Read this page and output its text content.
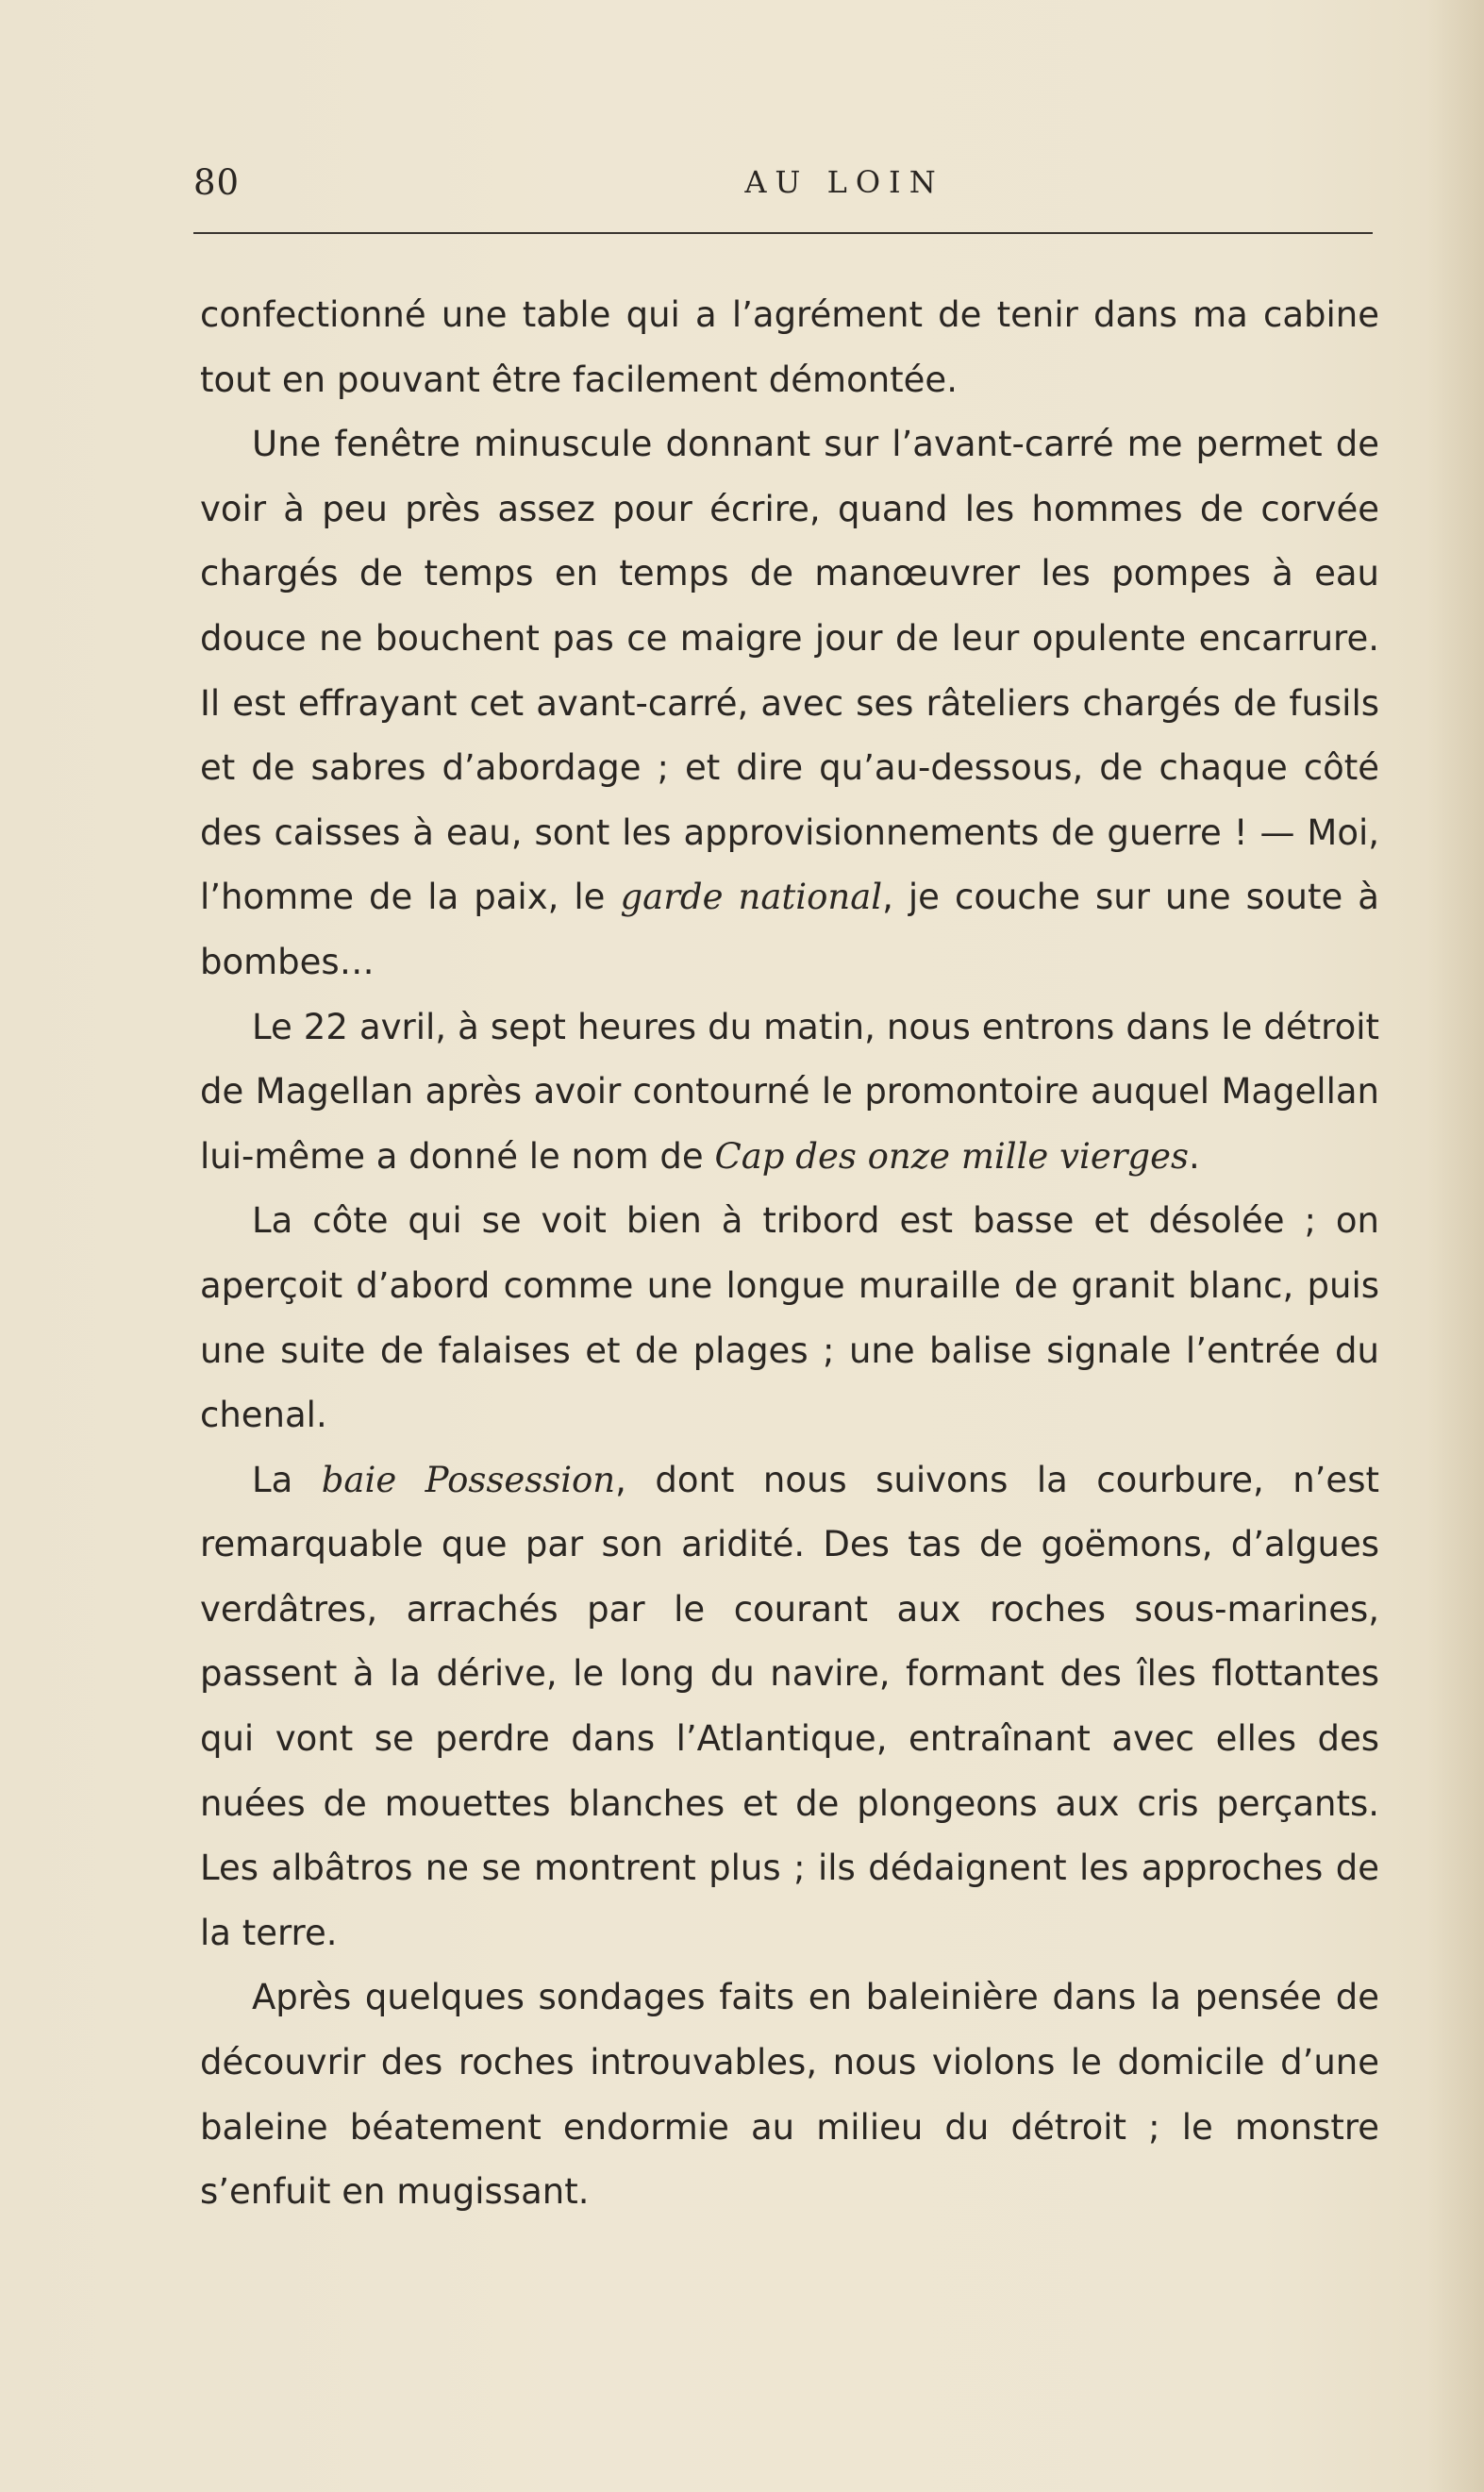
80	AU LOIN

confectionné une table qui a l’agrément de tenir dans ma cabine tout en pouvant être facilement démontée.

Une fenêtre minuscule donnant sur l’avant-carré me permet de voir à peu près assez pour écrire, quand les hommes de corvée chargés de temps en temps de manœuvrer les pompes à eau douce ne bouchent pas ce maigre jour de leur opulente encarrure. Il est effrayant cet avant-carré, avec ses râteliers chargés de fusils et de sabres d’abordage ; et dire qu’au-dessous, de chaque côté des caisses à eau, sont les approvisionnements de guerre ! — Moi, l’homme de la paix, le garde national, je couche sur une soute à bombes…

Le 22 avril, à sept heures du matin, nous entrons dans le détroit de Magellan après avoir contourné le promontoire auquel Magellan lui-même a donné le nom de Cap des onze mille vierges.

La côte qui se voit bien à tribord est basse et désolée ; on aperçoit d’abord comme une longue muraille de granit blanc, puis une suite de falaises et de plages ; une balise signale l’entrée du chenal.

La baie Possession, dont nous suivons la courbure, n’est remarquable que par son aridité. Des tas de goëmons, d’algues verdâtres, arrachés par le courant aux roches sous-marines, passent à la dérive, le long du navire, formant des îles flottantes qui vont se perdre dans l’Atlantique, entraînant avec elles des nuées de mouettes blanches et de plongeons aux cris perçants. Les albâtros ne se montrent plus ; ils dédaignent les approches de la terre.

Après quelques sondages faits en baleinière dans la pensée de découvrir des roches introuvables, nous violons le domicile d’une baleine béatement endormie au milieu du détroit ; le monstre s’enfuit en mugissant.
